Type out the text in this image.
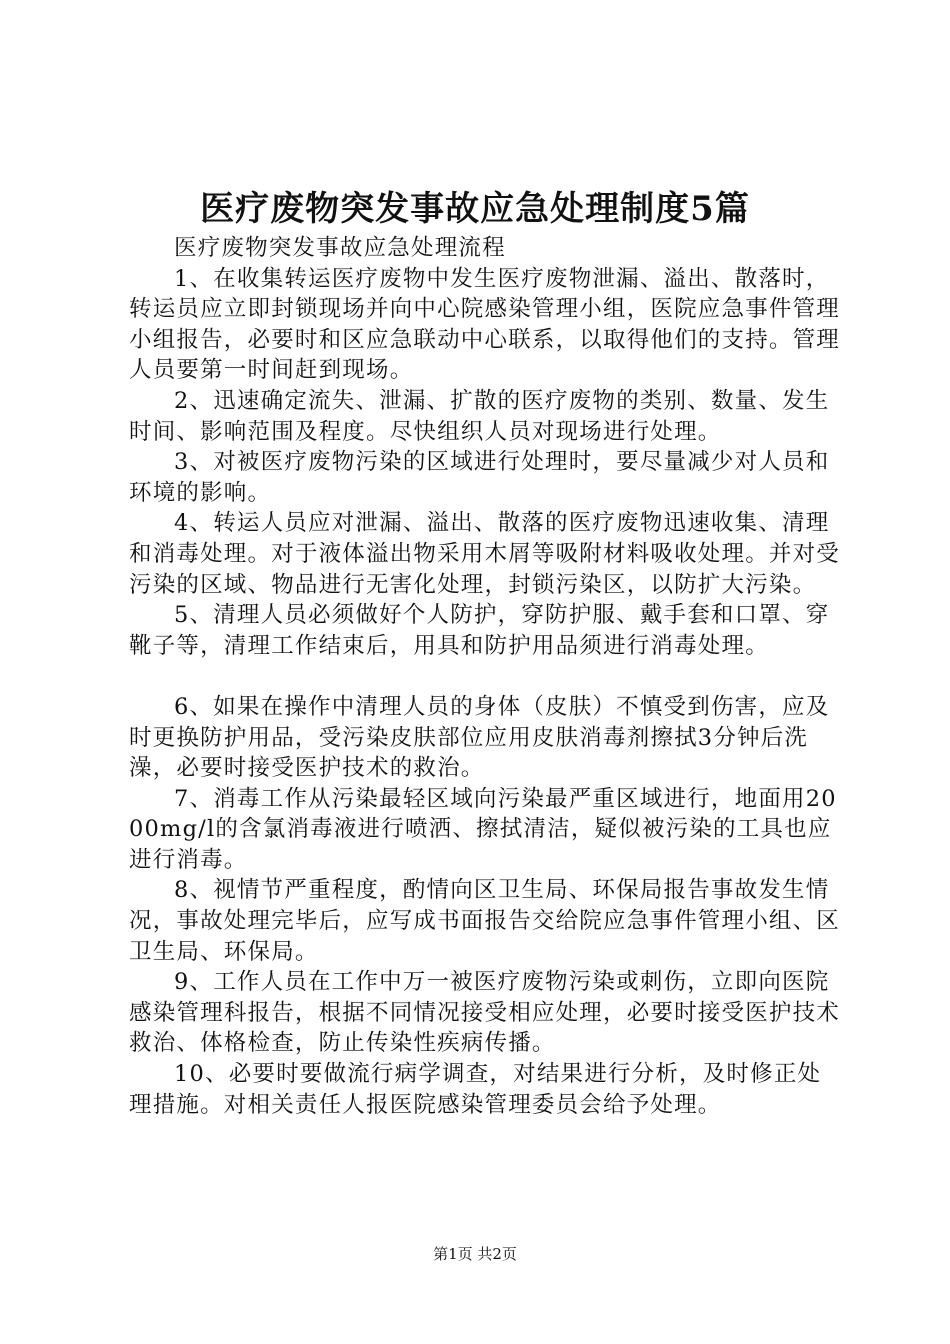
医疗废物突发事故应急处理制度5篇

医疗废物突发事故应急处理流程

1、在收集转运医疗废物中发生医疗废物泄漏、溢出、散落时，转运员应立即封锁现场并向中心院感染管理小组，医院应急事件管理小组报告，必要时和区应急联动中心联系，以取得他们的支持。管理人员要第一时间赶到现场。

2、迅速确定流失、泄漏、扩散的医疗废物的类别、数量、发生时间、影响范围及程度。尽快组织人员对现场进行处理。

3、对被医疗废物污染的区域进行处理时，要尽量减少对人员和环境的影响。

4、转运人员应对泄漏、溢出、散落的医疗废物迅速收集、清理和消毒处理。对于液体溢出物采用木屑等吸附材料吸收处理。并对受污染的区域、物品进行无害化处理，封锁污染区，以防扩大污染。

5、清理人员必须做好个人防护，穿防护服、戴手套和口罩、穿靴子等，清理工作结束后，用具和防护用品须进行消毒处理。

6、如果在操作中清理人员的身体（皮肤）不慎受到伤害，应及时更换防护用品，受污染皮肤部位应用皮肤消毒剂擦拭3分钟后洗澡，必要时接受医护技术的救治。

7、消毒工作从污染最轻区域向污染最严重区域进行，地面用2000mg/l的含氯消毒液进行喷洒、擦拭清洁，疑似被污染的工具也应进行消毒。

8、视情节严重程度，酌情向区卫生局、环保局报告事故发生情况，事故处理完毕后，应写成书面报告交给院应急事件管理小组、区卫生局、环保局。

9、工作人员在工作中万一被医疗废物污染或刺伤，立即向医院感染管理科报告，根据不同情况接受相应处理，必要时接受医护技术救治、体格检查，防止传染性疾病传播。

10、必要时要做流行病学调查，对结果进行分析，及时修正处理措施。对相关责任人报医院感染管理委员会给予处理。

第1页 共2页
